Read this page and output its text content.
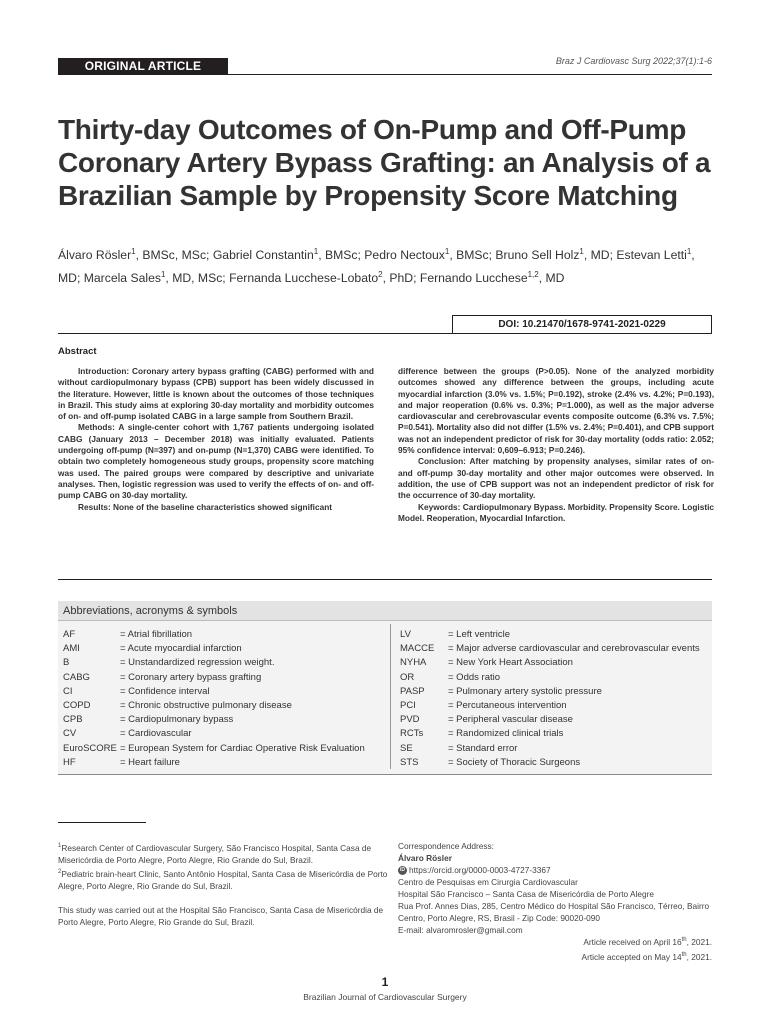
ORIGINAL ARTICLE	Braz J Cardiovasc Surg 2022;37(1):1-6
Thirty-day Outcomes of On-Pump and Off-Pump Coronary Artery Bypass Grafting: an Analysis of a Brazilian Sample by Propensity Score Matching
Álvaro Rösler$^1$, BMSc, MSc; Gabriel Constantin$^1$, BMSc; Pedro Nectoux$^1$, BMSc; Bruno Sell Holz$^1$, MD; Estevan Letti$^1$, MD; Marcela Sales$^1$, MD, MSc; Fernanda Lucchese-Lobato$^2$, PhD; Fernando Lucchese$^{1,2}$, MD
DOI: 10.21470/1678-9741-2021-0229
Abstract

Introduction: Coronary artery bypass grafting (CABG) performed with and without cardiopulmonary bypass (CPB) support has been widely discussed in the literature. However, little is known about the outcomes of those techniques in Brazil. This study aims at exploring 30-day mortality and morbidity outcomes of on- and off-pump isolated CABG in a large sample from Southern Brazil.

Methods: A single-center cohort with 1,767 patients undergoing isolated CABG (January 2013 – December 2018) was initially evaluated. Patients undergoing off-pump (N=397) and on-pump (N=1,370) CABG were identified. To obtain two completely homogeneous study groups, propensity score matching was used. The paired groups were compared by descriptive and univariate analyses. Then, logistic regression was used to verify the effects of on- and off-pump CABG on 30-day mortality.

Results: None of the baseline characteristics showed significant

difference between the groups (P>0.05). None of the analyzed morbidity outcomes showed any difference between the groups, including acute myocardial infarction (3.0% vs. 1.5%; P=0.192), stroke (2.4% vs. 4.2%; P=0.193), and major reoperation (0.6% vs. 0.3%; P=1.000), as well as the major adverse cardiovascular and cerebrovascular events composite outcome (6.3% vs. 7.5%; P=0.541). Mortality also did not differ (1.5% vs. 2.4%; P=0.401), and CPB support was not an independent predictor of risk for 30-day mortality (odds ratio: 2.052; 95% confidence interval: 0,609–6.913; P=0.246).

Conclusion: After matching by propensity analyses, similar rates of on- and off-pump 30-day mortality and other major outcomes were observed. In addition, the use of CPB support was not an independent predictor of risk for the occurrence of 30-day mortality.

Keywords: Cardiopulmonary Bypass. Morbidity. Propensity Score. Logistic Model. Reoperation, Myocardial Infarction.

Abbreviations, acronyms & symbols
AF	= Atrial fibrillation
AMI	= Acute myocardial infarction
B	= Unstandardized regression weight.
CABG	= Coronary artery bypass grafting
CI	= Confidence interval
COPD	= Chronic obstructive pulmonary disease
CPB	= Cardiopulmonary bypass
CV	= Cardiovascular
EuroSCORE = European System for Cardiac Operative Risk Evaluation
HF	= Heart failure
LV	= Left ventricle
MACCE	= Major adverse cardiovascular and cerebrovascular events
NYHA	= New York Heart Association
OR	= Odds ratio
PASP	= Pulmonary artery systolic pressure
PCI	= Percutaneous intervention
PVD	= Peripheral vascular disease
RCTs	= Randomized clinical trials
SE	= Standard error
STS	= Society of Thoracic Surgeons
$^1$Research Center of Cardiovascular Surgery, São Francisco Hospital, Santa Casa de Misericórdia de Porto Alegre, Porto Alegre, Rio Grande do Sul, Brazil.
$^2$Pediatric brain-heart Clinic, Santo Antônio Hospital, Santa Casa de Misericórdia de Porto Alegre, Porto Alegre, Rio Grande do Sul, Brazil.
This study was carried out at the Hospital São Francisco, Santa Casa de Misericórdia de Porto Alegre, Porto Alegre, Rio Grande do Sul, Brazil.
Correspondence Address:
Álvaro Rösler
iD https://orcid.org/0000-0003-4727-3367
Centro de Pesquisas em Cirurgia Cardiovascular
Hospital São Francisco – Santa Casa de Misericórdia de Porto Alegre
Rua Prof. Annes Dias, 285, Centro Médico do Hospital São Francisco, Térreo, Bairro Centro, Porto Alegre, RS, Brasil - Zip Code: 90020-090
E-mail: alvaromrosler@gmail.com
Article received on April 16th, 2021.
Article accepted on May 14th, 2021.
1
Brazilian Journal of Cardiovascular Surgery
